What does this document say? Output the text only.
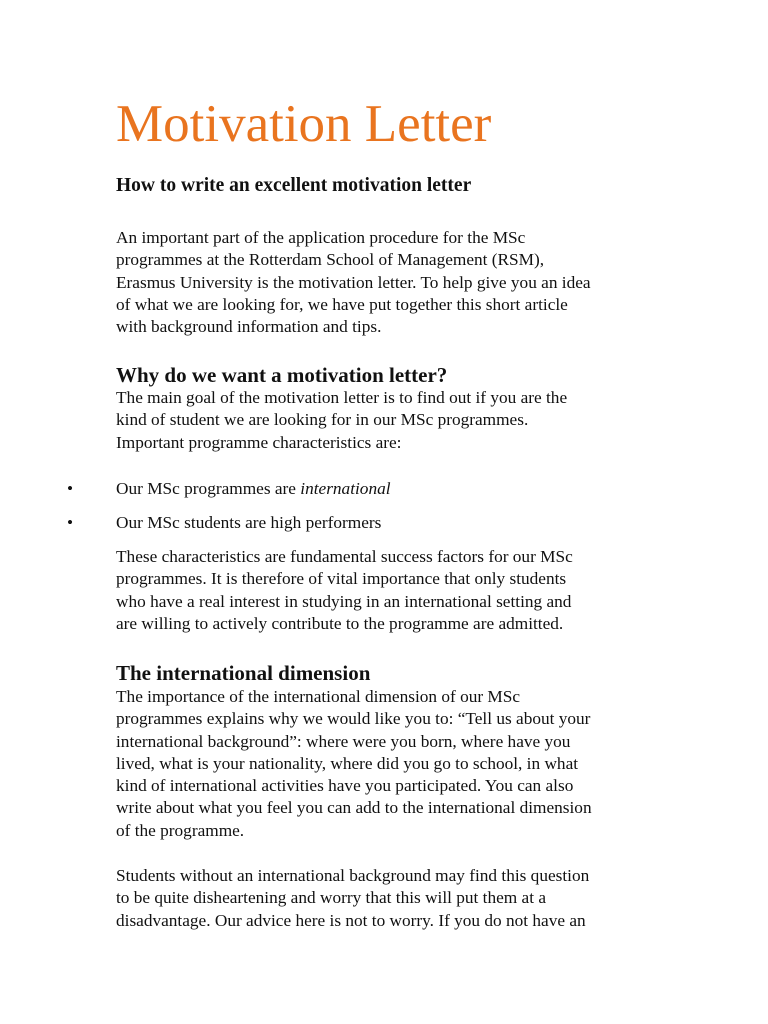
Motivation Letter
How to write an excellent motivation letter
An important part of the application procedure for the MSc
programmes at the Rotterdam School of Management (RSM),
Erasmus University is the motivation letter. To help give you an idea
of what we are looking for, we have put together this short article
with background information and tips.
Why do we want a motivation letter?
The main goal of the motivation letter is to find out if you are the
kind of student we are looking for in our MSc programmes.
Important programme characteristics are:
• Our MSc programmes are international
• Our MSc students are high performers
These characteristics are fundamental success factors for our MSc
programmes. It is therefore of vital importance that only students
who have a real interest in studying in an international setting and
are willing to actively contribute to the programme are admitted.
The international dimension
The importance of the international dimension of our MSc
programmes explains why we would like you to: “Tell us about your
international background”: where were you born, where have you
lived, what is your nationality, where did you go to school, in what
kind of international activities have you participated. You can also
write about what you feel you can add to the international dimension
of the programme.
Students without an international background may find this question
to be quite disheartening and worry that this will put them at a
disadvantage. Our advice here is not to worry. If you do not have an
